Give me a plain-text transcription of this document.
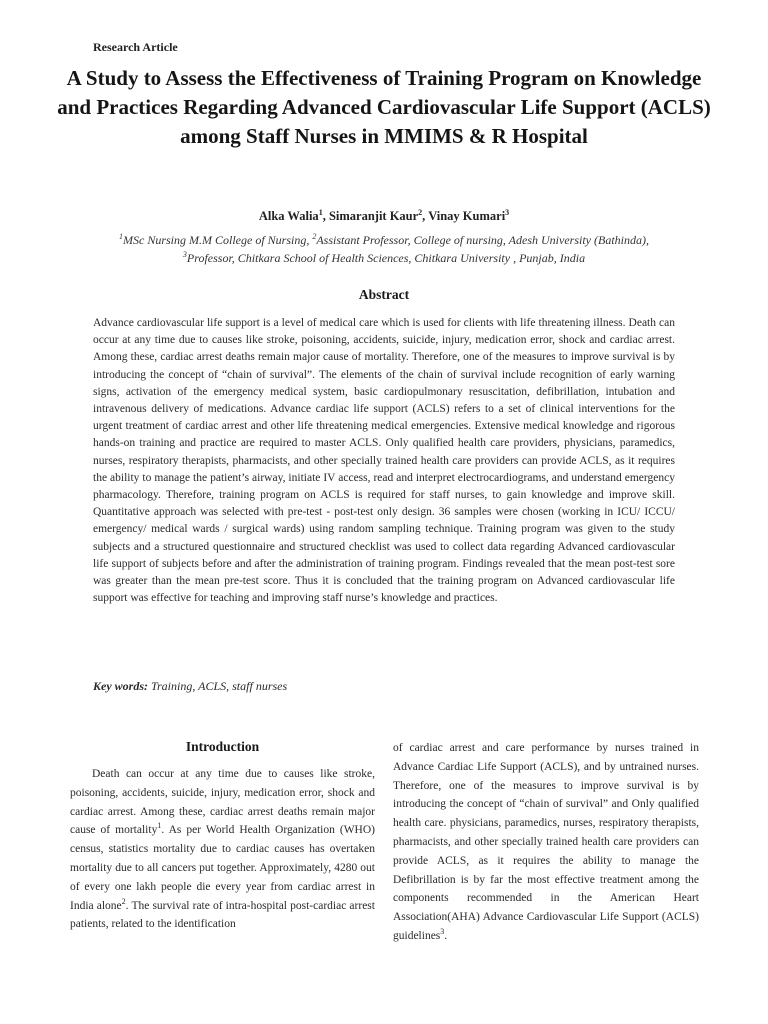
Research Article
A Study to Assess the Effectiveness of Training Program on Knowledge and Practices Regarding Advanced Cardiovascular Life Support (ACLS) among Staff Nurses in MMIMS & R Hospital
Alka Walia$^1$, Simaranjit Kaur$^2$, Vinay Kumari$^3$
$^1$MSc Nursing M.M College of Nursing, $^2$Assistant Professor, College of nursing, Adesh University (Bathinda),
$^3$Professor, Chitkara School of Health Sciences, Chitkara University , Punjab, India
Abstract

Advance cardiovascular life support is a level of medical care which is used for clients with life threatening illness. Death can occur at any time due to causes like stroke, poisoning, accidents, suicide, injury, medication error, shock and cardiac arrest. Among these, cardiac arrest deaths remain major cause of mortality. Therefore, one of the measures to improve survival is by introducing the concept of “chain of survival”. The elements of the chain of survival include recognition of early warning signs, activation of the emergency medical system, basic cardiopulmonary resuscitation, defibrillation, intubation and intravenous delivery of medications. Advance cardiac life support (ACLS) refers to a set of clinical interventions for the urgent treatment of cardiac arrest and other life threatening medical emergencies. Extensive medical knowledge and rigorous hands-on training and practice are required to master ACLS. Only qualified health care providers, physicians, paramedics, nurses, respiratory therapists, pharmacists, and other specially trained health care providers can provide ACLS, as it requires the ability to manage the patient’s airway, initiate IV access, read and interpret electrocardiograms, and understand emergency pharmacology. Therefore, training program on ACLS is required for staff nurses, to gain knowledge and improve skill. Quantitative approach was selected with pre-test - post-test only design. 36 samples were chosen (working in ICU/ ICCU/ emergency/ medical wards / surgical wards) using random sampling technique. Training program was given to the study subjects and a structured questionnaire and structured checklist was used to collect data regarding Advanced cardiovascular life support of subjects before and after the administration of training program. Findings revealed that the mean post-test sore was greater than the mean pre-test score. Thus it is concluded that the training program on Advanced cardiovascular life support was effective for teaching and improving staff nurse’s knowledge and practices.

Key words: Training, ACLS, staff nurses
Introduction

Death can occur at any time due to causes like stroke, poisoning, accidents, suicide, injury, medication error, shock and cardiac arrest. Among these, cardiac arrest deaths remain major cause of mortality$^1$. As per World Health Organization (WHO) census, statistics mortality due to cardiac causes has overtaken mortality due to all cancers put together. Approximately, 4280 out of every one lakh people die every year from cardiac arrest in India alone$^2$. The survival rate of intra-hospital post-cardiac arrest patients, related to the identification

of cardiac arrest and care performance by nurses trained in Advance Cardiac Life Support (ACLS), and by untrained nurses. Therefore, one of the measures to improve survival is by introducing the concept of “chain of survival” and Only qualified health care. physicians, paramedics, nurses, respiratory therapists, pharmacists, and other specially trained health care providers can provide ACLS, as it requires the ability to manage the Defibrillation is by far the most effective treatment among the components recommended in the American Heart Association(AHA) Advance Cardiovascular Life Support (ACLS) guidelines$^3$.
